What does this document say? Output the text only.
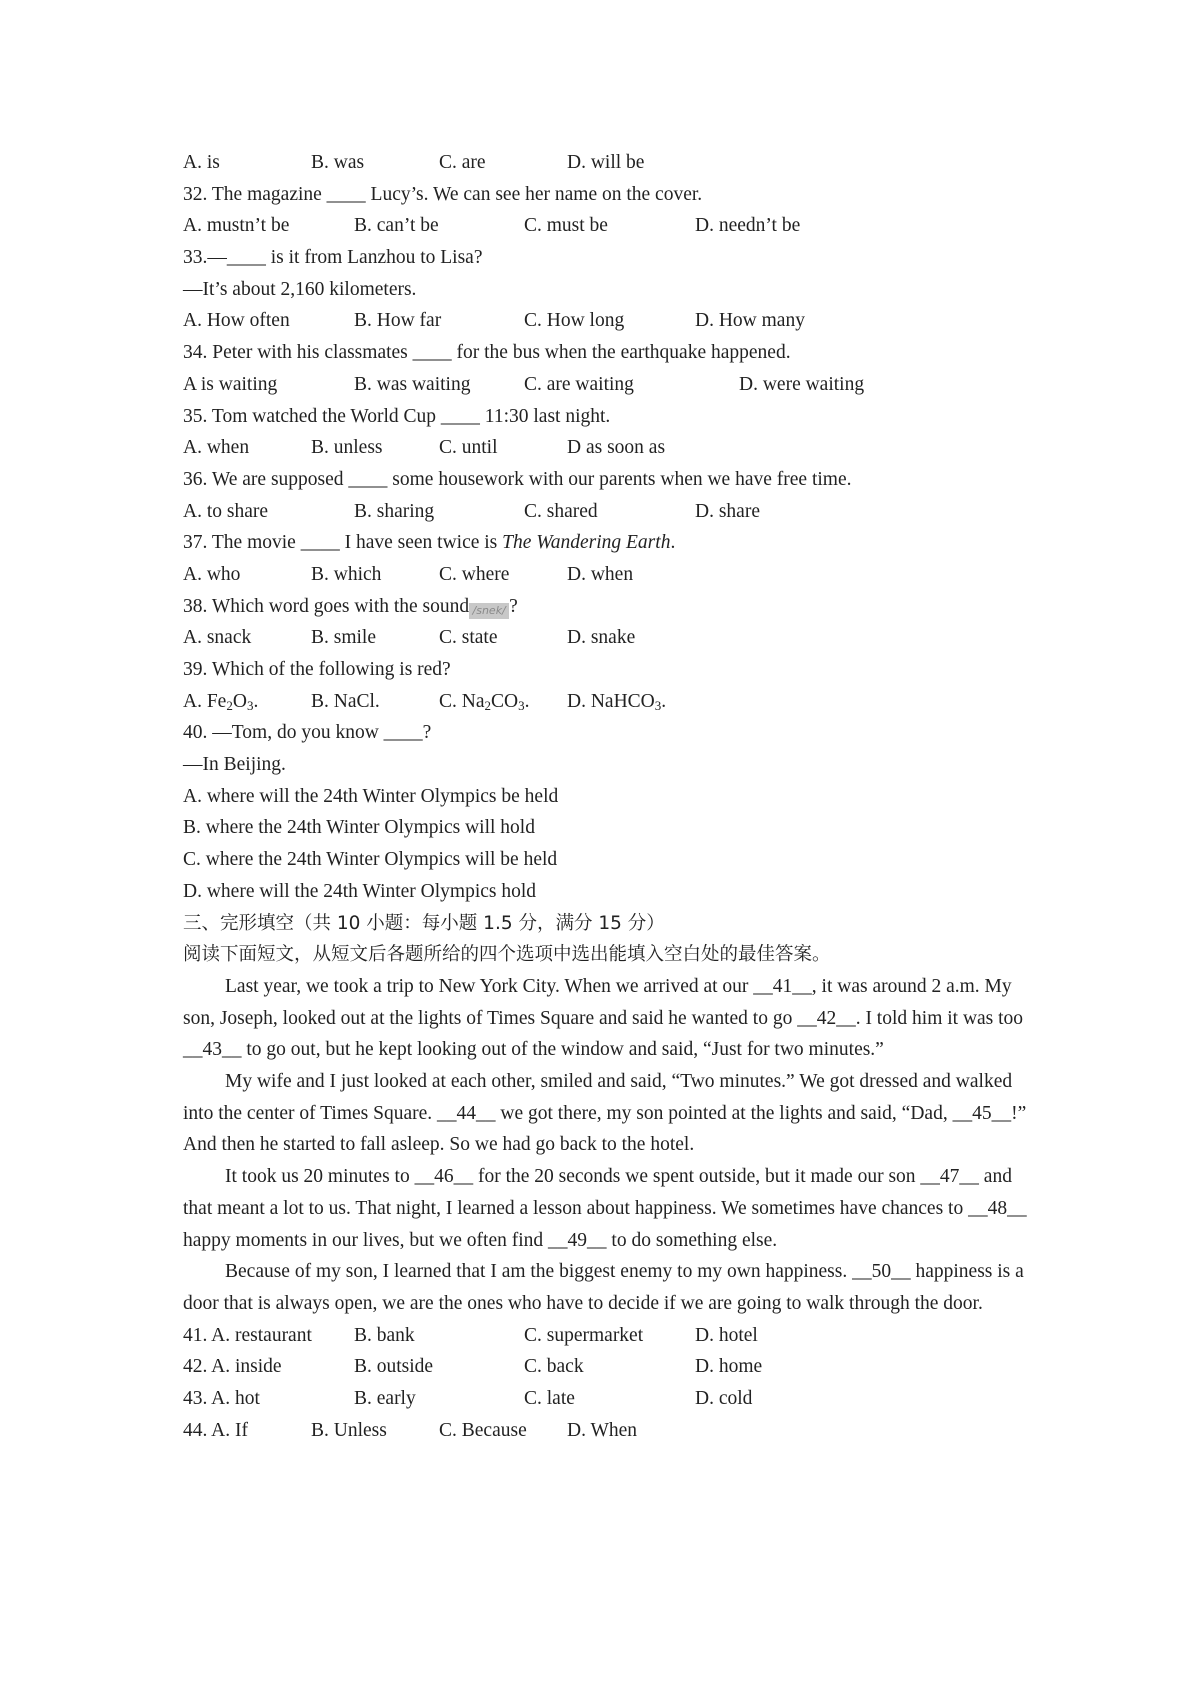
A. is	B. was	C. are	D. will be
32. The magazine ____ Lucy’s. We can see her name on the cover.
A. mustn’t be	B. can’t be	C. must be	D. needn’t be
33.—____ is it from Lanzhou to Lisa?
—It’s about 2,160 kilometers.
A. How often	B. How far	C. How long	D. How many
34. Peter with his classmates ____ for the bus when the earthquake happened.
A is waiting	B. was waiting	C. are waiting	D. were waiting
35. Tom watched the World Cup ____ 11:30 last night.
A. when	B. unless	C. until	D as soon as
36. We are supposed ____ some housework with our parents when we have free time.
A. to share	B. sharing	C. shared	D. share
37. The movie ____ I have seen twice is The Wandering Earth.
A. who	B. which	C. where	D. when
38. Which word goes with the sound /snek/ ?
A. snack	B. smile	C. state	D. snake
39. Which of the following is red?
A. $Fe_2O_3$.	B. NaCl.	C. $Na_2CO_3$. D. NaHCO$_3$.
40. —Tom, do you know ____?
—In Beijing.
A. where will the 24th Winter Olympics be held
B. where the 24th Winter Olympics will hold
C. where the 24th Winter Olympics will be held
D. where will the 24th Winter Olympics hold
三、完形填空（共 10 小题：每小题 1.5 分，满分 15 分）
阅读下面短文，从短文后各题所给的四个选项中选出能填入空白处的最佳答案。

Last year, we took a trip to New York City. When we arrived at our __41__, it was around 2 a.m. My son, Joseph, looked out at the lights of Times Square and said he wanted to go __42__. I told him it was too __43__ to go out, but he kept looking out of the window and said, “Just for two minutes.”

My wife and I just looked at each other, smiled and said, “Two minutes.” We got dressed and walked into the center of Times Square. __44__ we got there, my son pointed at the lights and said, “Dad, __45__!” And then he started to fall asleep. So we had go back to the hotel.

It took us 20 minutes to __46__ for the 20 seconds we spent outside, but it made our son __47__ and that meant a lot to us. That night, I learned a lesson about happiness. We sometimes have chances to __48__ happy moments in our lives, but we often find __49__ to do something else.

Because of my son, I learned that I am the biggest enemy to my own happiness. __50__ happiness is a door that is always open, we are the ones who have to decide if we are going to walk through the door.

41. A. restaurant B. bank	C. supermarket	D. hotel
42. A. inside	B. outside	C. back	D. home
43. A. hot	B. early	C. late	D. cold
44. A. If	B. Unless	C. Because D. When
